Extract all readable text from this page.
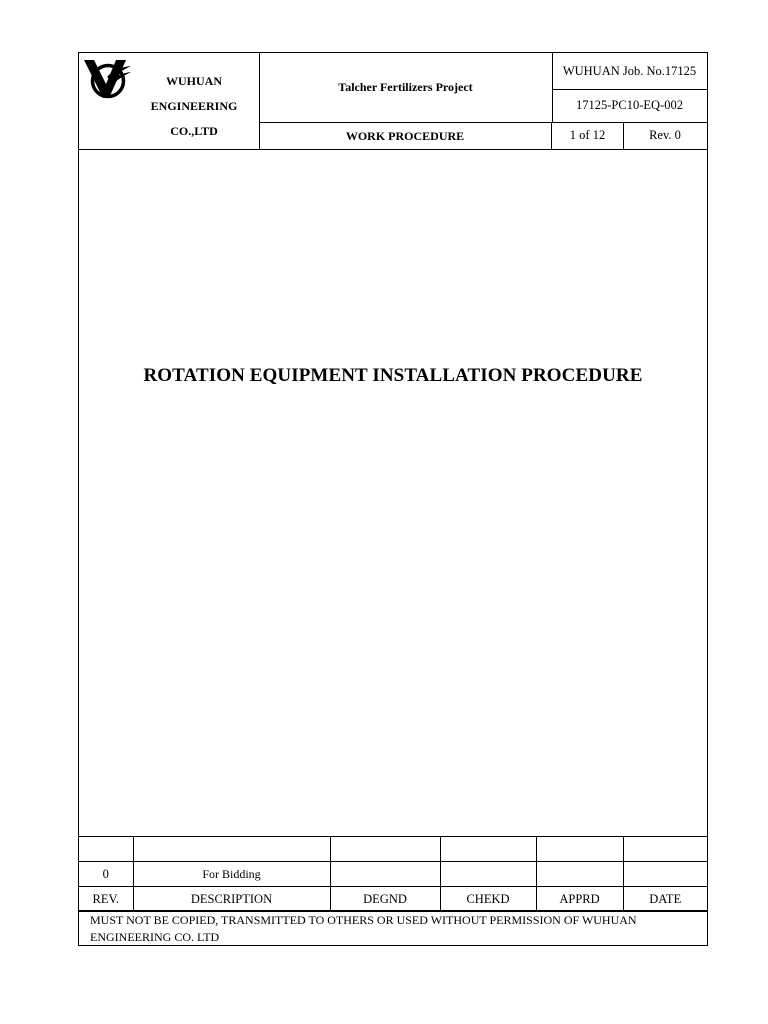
WUHUAN
ENGINEERING
CO.,LTD
Talcher Fertilizers Project
WORK PROCEDURE
WUHUAN Job. No.17125
17125-PC10-EQ-002
1 of 12	Rev. 0
ROTATION EQUIPMENT INSTALLATION PROCEDURE

0	For Bidding				
REV.	DESCRIPTION	DEGND	CHEKD	APPRD	DATE
MUST NOT BE COPIED, TRANSMITTED TO OTHERS OR USED WITHOUT PERMISSION OF WUHUAN ENGINEERING CO. LTD
